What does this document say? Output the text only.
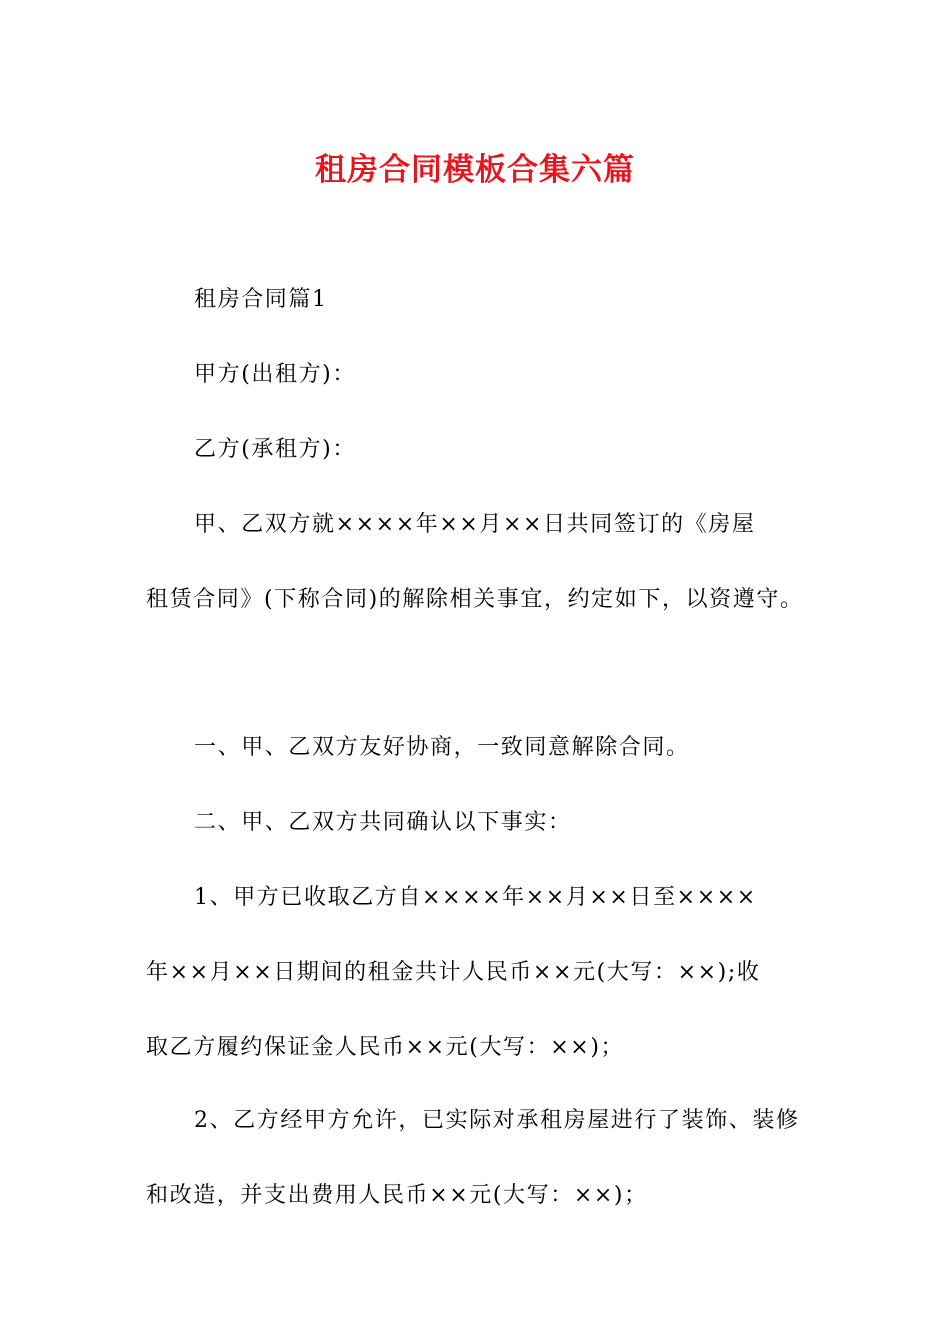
租房合同模板合集六篇

租房合同篇1

甲方(出租方)：

乙方(承租方)：

甲、乙双方就××××年××月××日共同签订的《房屋

租赁合同》(下称合同)的解除相关事宜，约定如下，以资遵守。

一、甲、乙双方友好协商，一致同意解除合同。

二、甲、乙双方共同确认以下事实：

1、甲方已收取乙方自××××年××月××日至××××

年××月××日期间的租金共计人民币××元(大写：××);收

取乙方履约保证金人民币××元(大写：××)；

2、乙方经甲方允许，已实际对承租房屋进行了装饰、装修

和改造，并支出费用人民币××元(大写：××)；
